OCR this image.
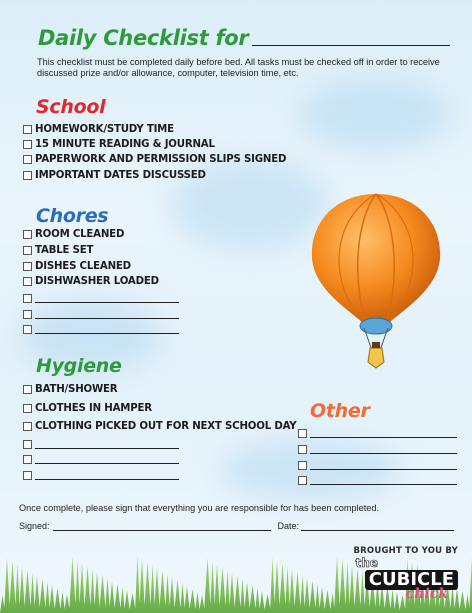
Daily Checklist for
This checklist must be completed daily before bed. All tasks must be checked off in order to receive discussed prize and/or allowance, computer, television time, etc.
School
HOMEWORK/STUDY TIME
15 MINUTE READING & JOURNAL
PAPERWORK AND PERMISSION SLIPS SIGNED
IMPORTANT DATES DISCUSSED
Chores
ROOM CLEANED
TABLE SET
DISHES CLEANED
DISHWASHER LOADED
Hygiene
BATH/SHOWER
CLOTHES IN HAMPER
CLOTHING PICKED OUT FOR NEXT SCHOOL DAY
Other
Once complete, please sign that everything you are responsible for has been completed.
Signed:	Date:
BROUGHT TO YOU BY
the
CUBICLE
chick
